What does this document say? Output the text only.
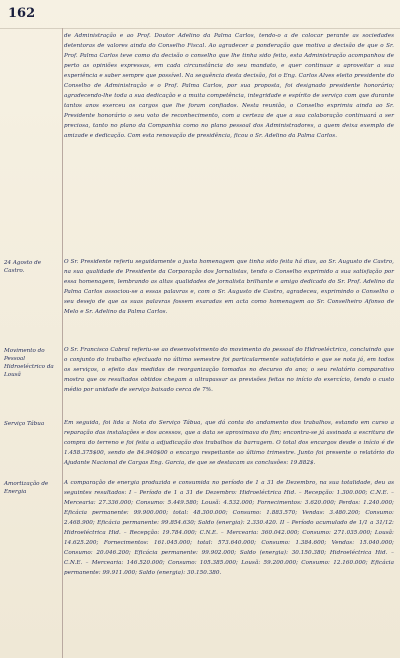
162
de Administração e ao Prof. Doutor Adelino da Palma Carlos, tendo-o a de colocar perante as sociedades detentoras de valores ainda do Conselho Fiscal. Ao agradecer a ponderação que motiva a decisão de que o Sr. Prof. Palma Carlos teve como da decisão o conselho que lhe tinha sido feito, esta Administração acompanhou de perto as opiniões expressas, em cada circunstância do seu mandato, e quer continuar a aproveitar a sua experiência e saber sempre que possível. Na sequência desta decisão, foi o Eng. Carlos Alves eleito presidente do Conselho de Administração e o Prof. Palma Carlos, por sua proposta, foi designado presidente honorário; agradecendo-lhe toda a sua dedicação e a muita competência, integridade e espírito de serviço com que durante tantos anos exerceu os cargos que lhe foram confiados. Nesta reunião, o Conselho exprimiu ainda ao Sr. Presidente honorário o seu voto de reconhecimento, com a certeza de que a sua colaboração continuará a ser preciosa, tanto no plano da Companhia como no plano pessoal dos Administradores, a quem deixa exemplo de amizade e dedicação. Com esta renovação de presidência, ficou o Sr. Adelino da Palma Carlos.
24 Agosto de Castro.
O Sr. Presidente referiu seguidamente a justa homenagem que tinha sido feita há dias, ao Sr. Augusto de Castro, na sua qualidade de Presidente da Corporação dos Jornalistas, tendo o Conselho exprimido a sua satisfação por essa homenagem, lembrando as altas qualidades de jornalista brilhante e amigo dedicado do Sr. Prof. Adelino da Palma Carlos associou-se a essas palavras e, com o Sr. Augusto de Castro, agradeceu, exprimindo o Conselho o seu desejo de que as suas palavras fossem exaradas em acta como homenagem ao Sr. Conselheiro Afonso de Melo e Sr. Adelino da Palma Carlos.
Movimento do Pessoal Hidroeléctrico da Lousã
O Sr. Francisco Cabral referiu-se ao desenvolvimento do movimento do pessoal do Hidroeléctrico, concluindo que o conjunto do trabalho efectuado no último semestre foi particularmente satisfatório e que se nota já, em todos os serviços, o efeito das medidas de reorganização tomadas no decurso do ano; o seu relatório comparativo mostra que os resultados obtidos chegam a ultrapassar as previsões feitas no início do exercício, tendo o custo médio por unidade de serviço baixado cerca de 7%.
Serviço Tábua	Em seguida, foi lida a Nota do Serviço Tábua, que dá conta do andamento dos trabalhos, estando em curso a reparação das instalações e dos acessos, que a data se aproximava do fim; encontra-se já assinada a escritura de compra do terreno e foi feita a adjudicação dos trabalhos da barragem. O total dos encargos desde o início é de 1.458.375$00, sendo de 84.940$00 o encargo respeitante ao último trimestre. Junto foi presente o relatório do Ajudante Nacional de Cargas Eng. Garcia, de que se destacam as conclusões: 19.882$.
Amortização de Energia
A comparação de energia produzida e consumida no período de 1 a 31 de Dezembro, na sua totalidade, deu as seguintes resultados: I – Período de 1 a 31 de Dezembro: Hidroeléctrica Hid. – Recepção: 1.300.000; C.N.E. – Mercearia: 27.336.000; Consumo: 5.449.580; Lousã: 4.532.000; Fornecimentos: 3.620.000; Perdas: 1.240.000; Eficácia permanente: 99.900.000; total: 48.300.000; Consumo: 1.883.570; Vendas: 3.480.200; Consumo: 2.468.900; Eficácia permanente: 99.854.630; Saldo (energia): 2.330.420. II – Período acumulado de 1/1 a 31/12: Hidroeléctrica Hid. – Recepção: 19.784.000; C.N.E. – Mercearia: 360.042.000; Consumo: 271.035.000; Lousã: 14.625.200; Fornecimentos: 161.045.000; total: 573.640.000; Consumo: 1.384.600; Vendas: 15.040.000; Consumo: 20.046.200; Eficácia permanente: 99.902.000; Saldo (energia): 30.150.380; Hidroeléctrica Hid. – C.N.E. – Mercearia: 146.520.000; Consumo: 105.385.000; Lousã: 59.200.000; Consumo: 12.160.000; Eficácia permanente: 99.911.000; Saldo (energia): 30.150.380.
